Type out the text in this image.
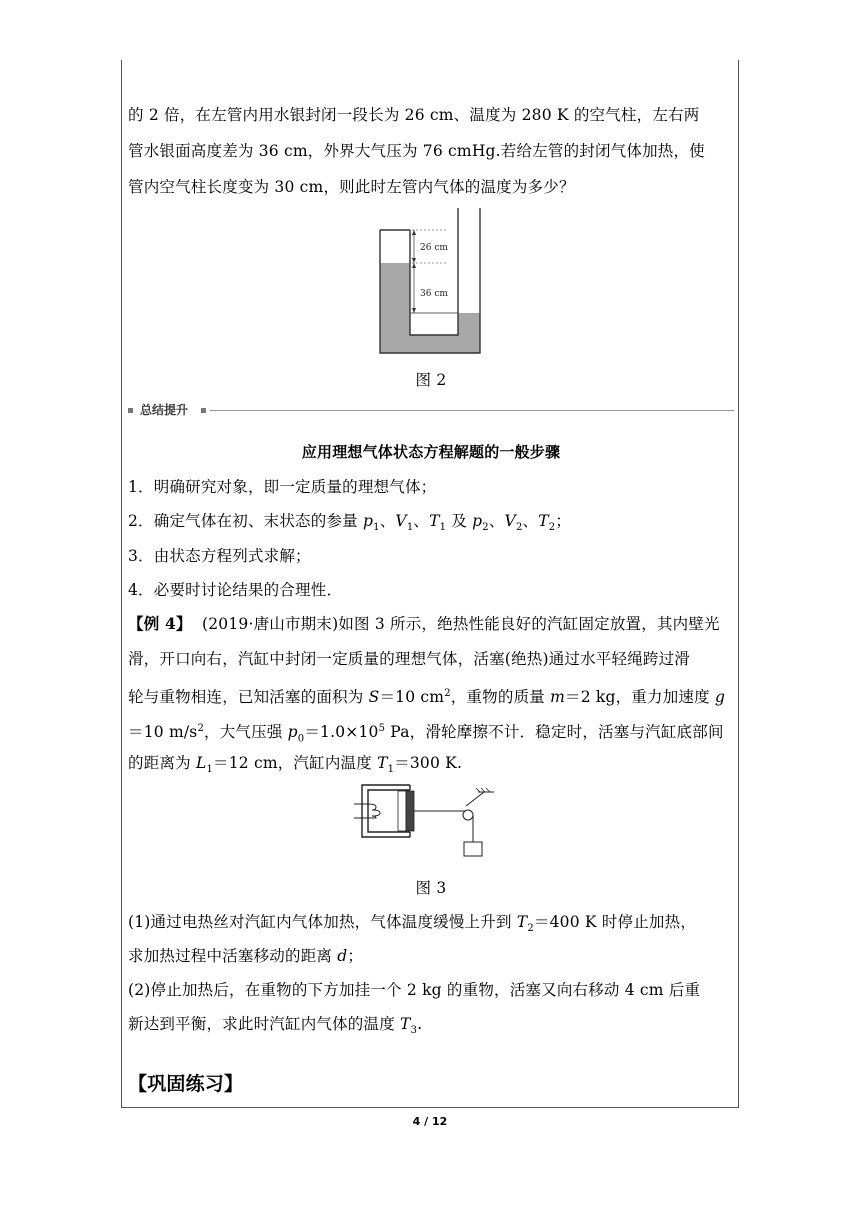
的 2 倍，在左管内用水银封闭一段长为 26 cm、温度为 280 K 的空气柱，左右两
管水银面高度差为 36 cm，外界大气压为 76 cmHg.若给左管的封闭气体加热，使
管内空气柱长度变为 30 cm，则此时左管内气体的温度为多少？
26 cm
36 cm
图 2
总结提升
应用理想气体状态方程解题的一般步骤
1．明确研究对象，即一定质量的理想气体；
2．确定气体在初、末状态的参量 $p_1$、$V_1$、$T_1$ 及 $p_2$、$V_2$、$T_2$；
3．由状态方程列式求解；
4．必要时讨论结果的合理性．
【例 4】 (2019·唐山市期末)如图 3 所示，绝热性能良好的汽缸固定放置，其内壁光
滑，开口向右，汽缸中封闭一定质量的理想气体，活塞(绝热)通过水平轻绳跨过滑
轮与重物相连，已知活塞的面积为 S＝10 $cm^2$，重物的质量 m＝2 kg，重力加速度 g
＝10 $m/s^2$，大气压强 $p_0=1.0\times 10^5$ Pa，滑轮摩擦不计．稳定时，活塞与汽缸底部间
的距离为 $L_1=12$ cm，汽缸内温度 $T_1=300$ K.
图 3
(1)通过电热丝对汽缸内气体加热，气体温度缓慢上升到 $T_2=400$ K 时停止加热，
求加热过程中活塞移动的距离 d；
(2)停止加热后，在重物的下方加挂一个 2 kg 的重物，活塞又向右移动 4 cm 后重
新达到平衡，求此时汽缸内气体的温度 $T_3$.
【巩固练习】
4 / 12
